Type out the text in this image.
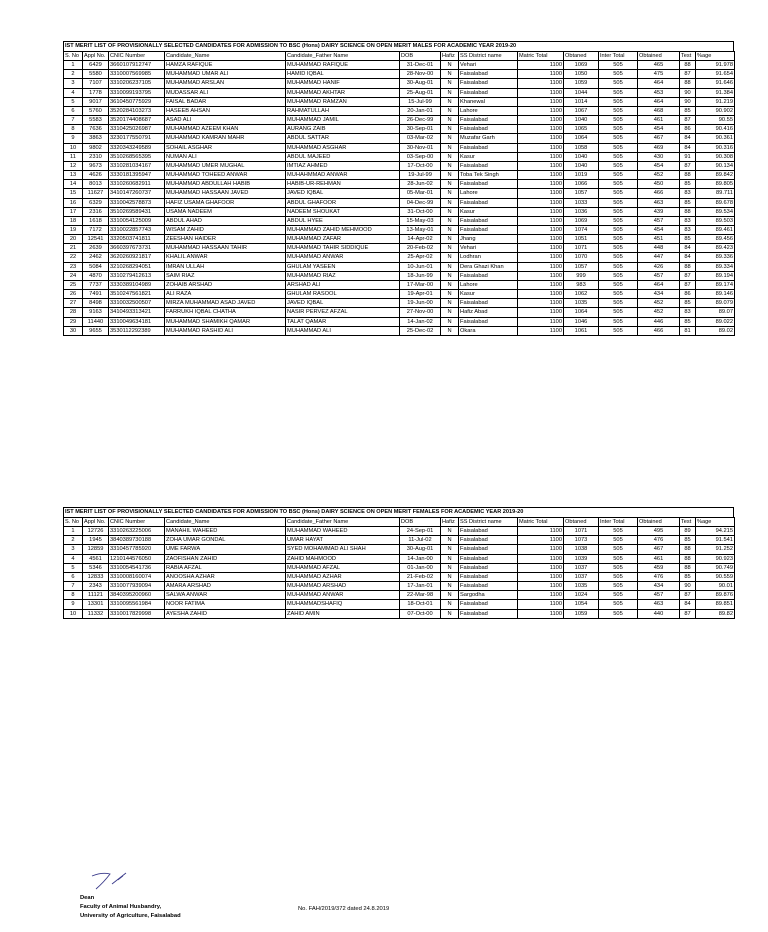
IST MERIT LIST OF PROVISIONALLY SELECTED CANDIDATES FOR ADMISSION TO BSC (Hons) DAIRY SCIENCE ON OPEN MERIT MALES FOR ACADEMIC YEAR 2019-20
S. No	Appl No.	CNIC Number	Candidate_Name	Candidate_Father Name	DOB	Hafiz	SS District name	Matric Total	Obtaned	Inter Total	Obtained	Test	%age
1	6429	3660107912747	HAMZA RAFIQUE	MUHAMMAD RAFIQUE	31-Dec-01	N	Vehari	1100	1069	505	465	88	91.978
2	5580	3310007569985	MUHAMMAD UMAR ALI	HAMID IQBAL	28-Nov-00	N	Faisalabad	1100	1050	505	475	87	91.654
3	7107	3310206237105	MUHAMMAD ARSLAN	MUHAMMAD HANIF	30-Aug-01	N	Faisalabad	1100	1059	505	464	88	91.646
4	1778	3310099193795	MUDASSAR ALI	MUHAMMAD AKHTAR	25-Aug-01	N	Faisalabad	1100	1044	505	453	90	91.384
5	9017	3610450775929	FAISAL BADAR	MUHAMMAD RAMZAN	15-Jul-99	N	Khanewal	1100	1014	505	464	90	91.219
6	5760	3520284103273	HASEEB AHSAN	RAHMATULLAH	20-Jan-01	N	Lahore	1100	1067	505	468	85	90.902
7	5583	3520174408687	ASAD ALI	MUHAMMAD JAMIL	26-Dec-99	N	Faisalabad	1100	1040	505	461	87	90.55
8	7636	3310425026987	MUHAMMAD AZEEM KHAN	AURANG ZAIB	30-Sep-01	N	Faisalabad	1100	1065	505	454	86	90.416
9	3863	3230177550791	MUHAMMAD KAMRAN MAHR	ABDUL SATTAR	03-Mar-02	N	Muzafar Garh	1100	1064	505	467	84	90.361
10	9802	3320343249589	SOHAIL ASGHAR	MUHAMMAD ASGHAR	30-Nov-01	N	Faisalabad	1100	1058	505	469	84	90.316
11	2310	3510268565395	NUMAN ALI	ABDUL MAJEED	03-Sep-00	N	Kasur	1100	1040	505	430	91	90.308
12	9673	3310281034167	MUHAMMAD UMER MUGHAL	IMTIAZ AHMED	17-Oct-00	N	Faisalabad	1100	1040	505	454	87	90.134
13	4626	3330181395947	MUHAMMAD TOHEED ANWAR	MUHAHMMAD ANWAR	19-Jul-99	N	Toba Tek Singh	1100	1019	505	452	88	89.842
14	8013	3310260682911	MUHAMMAD ABDULLAH HABIB	HABIB-UR-REHMAN	28-Jun-02	N	Faisalabad	1100	1066	505	450	85	89.805
15	11627	3410147260737	MUHAMMAD HASSAAN JAVED	JAVED IQBAL	05-Mar-01	N	Lahore	1100	1057	505	466	83	89.711
16	6329	3310042578873	HAFIZ USAMA GHAFOOR	ABDUL GHAFOOR	04-Dec-99	N	Faisalabad	1100	1033	505	463	85	89.678
17	2316	3510269589431	USAMA NADEEM	NADEEM SHOUKAT	31-Oct-00	N	Kasur	1100	1036	505	439	88	89.534
18	1618	3310054125009	ABDUL AHAD	ABDUL HYEE	15-May-03	N	Faisalabad	1100	1069	505	457	83	89.503
19	7172	3310022857743	WISAM ZAHID	MUHAMMAD ZAHID MEHMOOD	13-May-01	N	Faisalabad	1100	1074	505	454	83	89.461
20	12541	3320503741811	ZEESHAN HAIDER	MUHAMMAD ZAFAR	14-Apr-02	N	Jhang	1100	1051	505	451	85	89.456
21	2639	3660397673731	MUHAMMAD HASSAAN TAHIR	MUHAMMAD TAHIR SIDDIQUE	20-Feb-02	N	Vehari	1100	1071	505	448	84	89.423
22	2462	3620260921817	KHALIL ANWAR	MUHAMMAD ANWAR	25-Apr-02	N	Lodhran	1100	1070	505	447	84	89.336
23	5084	3210268294051	IMRAN ULLAH	GHULAM YASEEN	10-Jun-01	N	Dera Ghazi Khan	1100	1057	505	426	88	89.334
24	4870	3310279412613	SAIM RIAZ	MUHAMMAD RIAZ	18-Jun-99	N	Faisalabad	1100	999	505	457	87	89.194
25	7737	3330389104989	ZOHAIB ARSHAD	ARSHAD ALI	17-Mar-00	N	Lahore	1100	983	505	464	87	89.174
26	7491	3510247561821	ALI RAZA	GHULAM RASOOL	19-Apr-01	N	Kasur	1100	1062	505	434	86	89.146
27	8498	3310032500507	MIRZA MUHAMMAD ASAD JAVED	JAVED IQBAL	19-Jun-00	N	Faisalabad	1100	1035	505	452	85	89.079
28	9163	3410493313421	FARRUKH IQBAL CHATHA	NASIR PERVEZ AFZAL	27-Nov-00	N	Hafiz Abad	1100	1064	505	452	83	89.07
29	11440	3310049634181	MUHAMMAD SHAMIKH QAMAR	TALAT QAMAR	14-Jan-02	N	Faisalabad	1100	1046	505	446	85	89.022
30	9655	3530112292389	MUHAMMAD RASHID ALI	MUHAMMAD ALI	25-Dec-02	N	Okara	1100	1061	505	466	81	89.02
IST MERIT LIST OF PROVISIONALLY SELECTED CANDIDATES FOR ADMISSION TO BSC (Hons) DAIRY SCIENCE ON OPEN MERIT FEMALES FOR ACADEMIC YEAR 2019-20
S. No	Appl No.	CNIC Number	Candidate_Name	Candidate_Father Name	DOB	Hafiz	SS District name	Matric Total	Obtaned	Inter Total	Obtained	Test	%age
1	12726	3310263225006	MANAHIL WAHEED	MUHAMMAD WAHEED	24-Sep-01	N	Faisalabad	1100	1071	505	495	89	94.215
2	1945	3840389730188	ZOHA UMAR GONDAL	UMAR HAYAT	11-Jul-02	N	Faisalabad	1100	1073	505	476	85	91.541
3	12859	3310457785920	UME FARWA	SYED MOHAMMAD ALI SHAH	30-Aug-01	N	Faisalabad	1100	1038	505	467	88	91.252
4	4561	1210144576050	ZAOFISHAN ZAHID	ZAHID MAHMOOD	14-Jan-00	N	Faisalabad	1100	1039	505	461	88	90.923
5	5346	3310054541736	RABIA AFZAL	MUHAMMAD AFZAL	01-Jan-00	N	Faisalabad	1100	1037	505	459	88	90.749
6	12833	3310008160074	ANOOSHA AZHAR	MUHAMMAD AZHAR	21-Feb-02	N	Faisalabad	1100	1037	505	476	85	90.559
7	2343	3310077939094	AMARA ARSHAD	MUHAMMAD ARSHAD	17-Jan-01	N	Faisalabad	1100	1035	505	434	90	90.01
8	11121	3840395200960	SALWA ANWAR	MUHAMMAD ANWAR	22-Mar-98	N	Sargodha	1100	1024	505	457	87	89.876
9	13301	3310095561984	NOOR FATIMA	MUHAMMADSHAFIQ	18-Oct-01	N	Faisalabad	1100	1054	505	463	84	89.851
10	11332	3310017829998	AYESHA ZAHID	ZAHID AMIN	07-Oct-00	N	Faisalabad	1100	1059	505	440	87	89.82
Dean
Faculty of Animal Husbandry,
University of Agriculture, Faisalabad
No. FAH/2019/372 dated 24.8.2019
